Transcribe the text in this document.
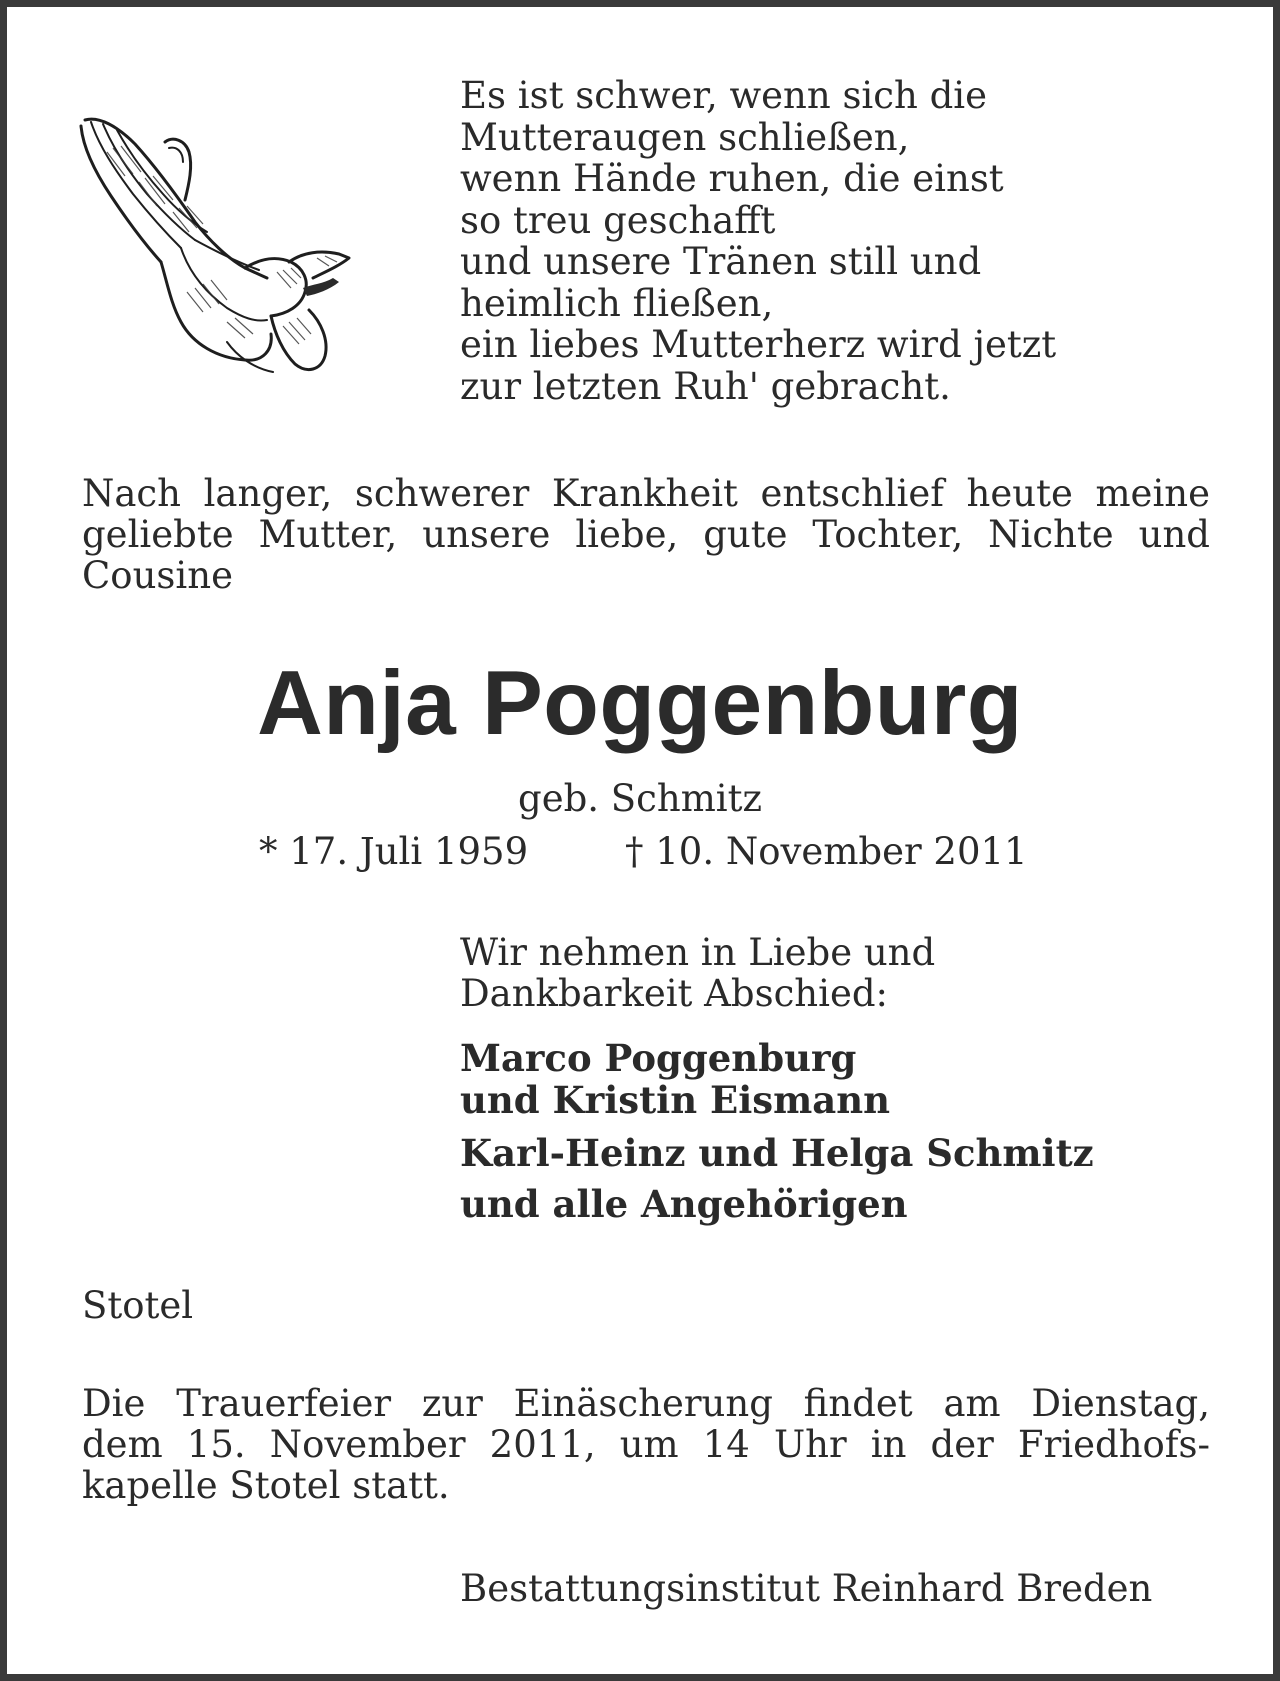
Es ist schwer, wenn sich die
Mutteraugen schließen,
wenn Hände ruhen, die einst
so treu geschafft
und unsere Tränen still und
heimlich fließen,
ein liebes Mutterherz wird jetzt
zur letzten Ruh' gebracht.
Nach langer, schwerer Krankheit entschlief heute meine
geliebte Mutter, unsere liebe, gute Tochter, Nichte und
Cousine
Anja Poggenburg
geb. Schmitz
* 17. Juli 1959	† 10. November 2011
Wir nehmen in Liebe und
Dankbarkeit Abschied:
Marco Poggenburg
und Kristin Eismann
Karl-Heinz und Helga Schmitz
und alle Angehörigen
Stotel
Die Trauerfeier zur Einäscherung findet am Dienstag,
dem 15. November 2011, um 14 Uhr in der Friedhofs-
kapelle Stotel statt.
Bestattungsinstitut Reinhard Breden
